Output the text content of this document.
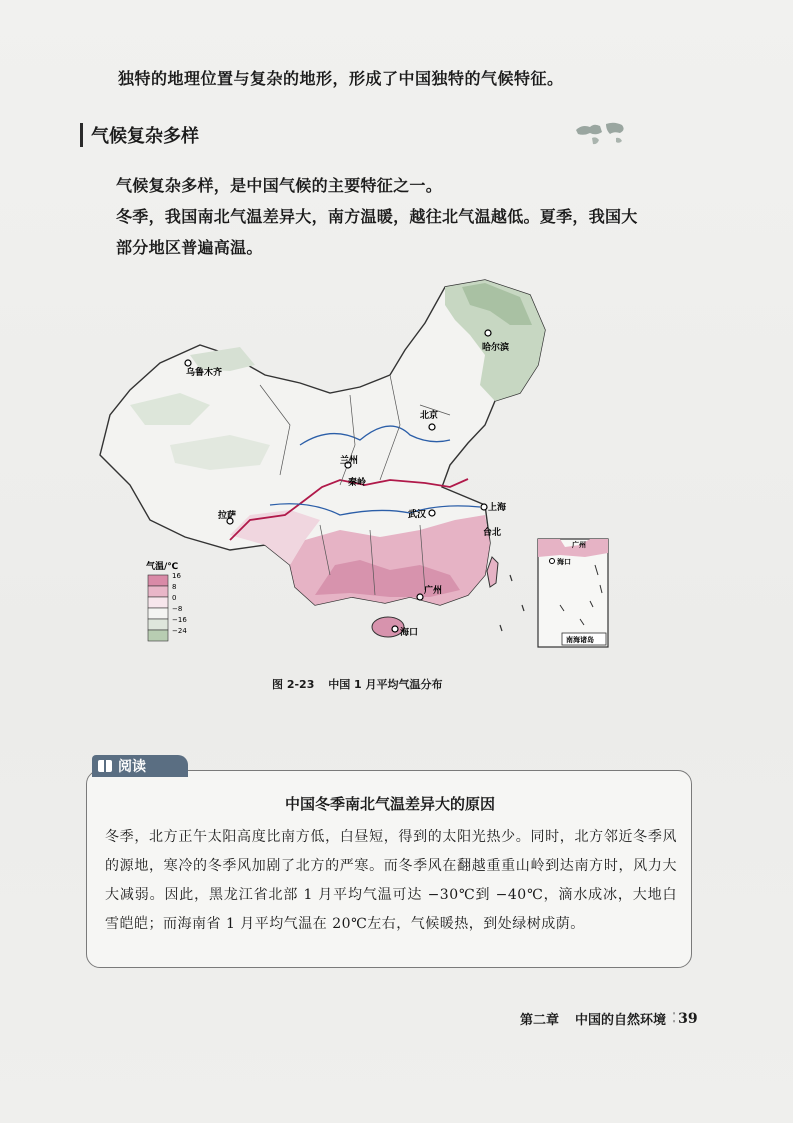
独特的地理位置与复杂的地形，形成了中国独特的气候特征。
气候复杂多样
气候复杂多样，是中国气候的主要特征之一。
冬季，我国南北气温差异大，南方温暖，越往北气温越低。夏季，我国大部分地区普遍高温。
哈尔滨
乌鲁木齐
北京
兰州
秦岭
上海
武汉
拉萨
台北
广州
海口
海口
广州
南海诸岛
气温/℃
16
8
0
−8
−16
−24
图 2-23 中国 1 月平均气温分布
中国冬季南北气温差异大的原因
冬季，北方正午太阳高度比南方低，白昼短，得到的太阳光热少。同时，北方邻近冬季风的源地，寒冷的冬季风加剧了北方的严寒。而冬季风在翻越重重山岭到达南方时，风力大大减弱。因此，黑龙江省北部 1 月平均气温可达 −30℃到 −40℃，滴水成冰，大地白雪皑皑；而海南省 1 月平均气温在 20℃左右，气候暖热，到处绿树成荫。
阅读
第二章 中国的自然环境 ⁚ 39
